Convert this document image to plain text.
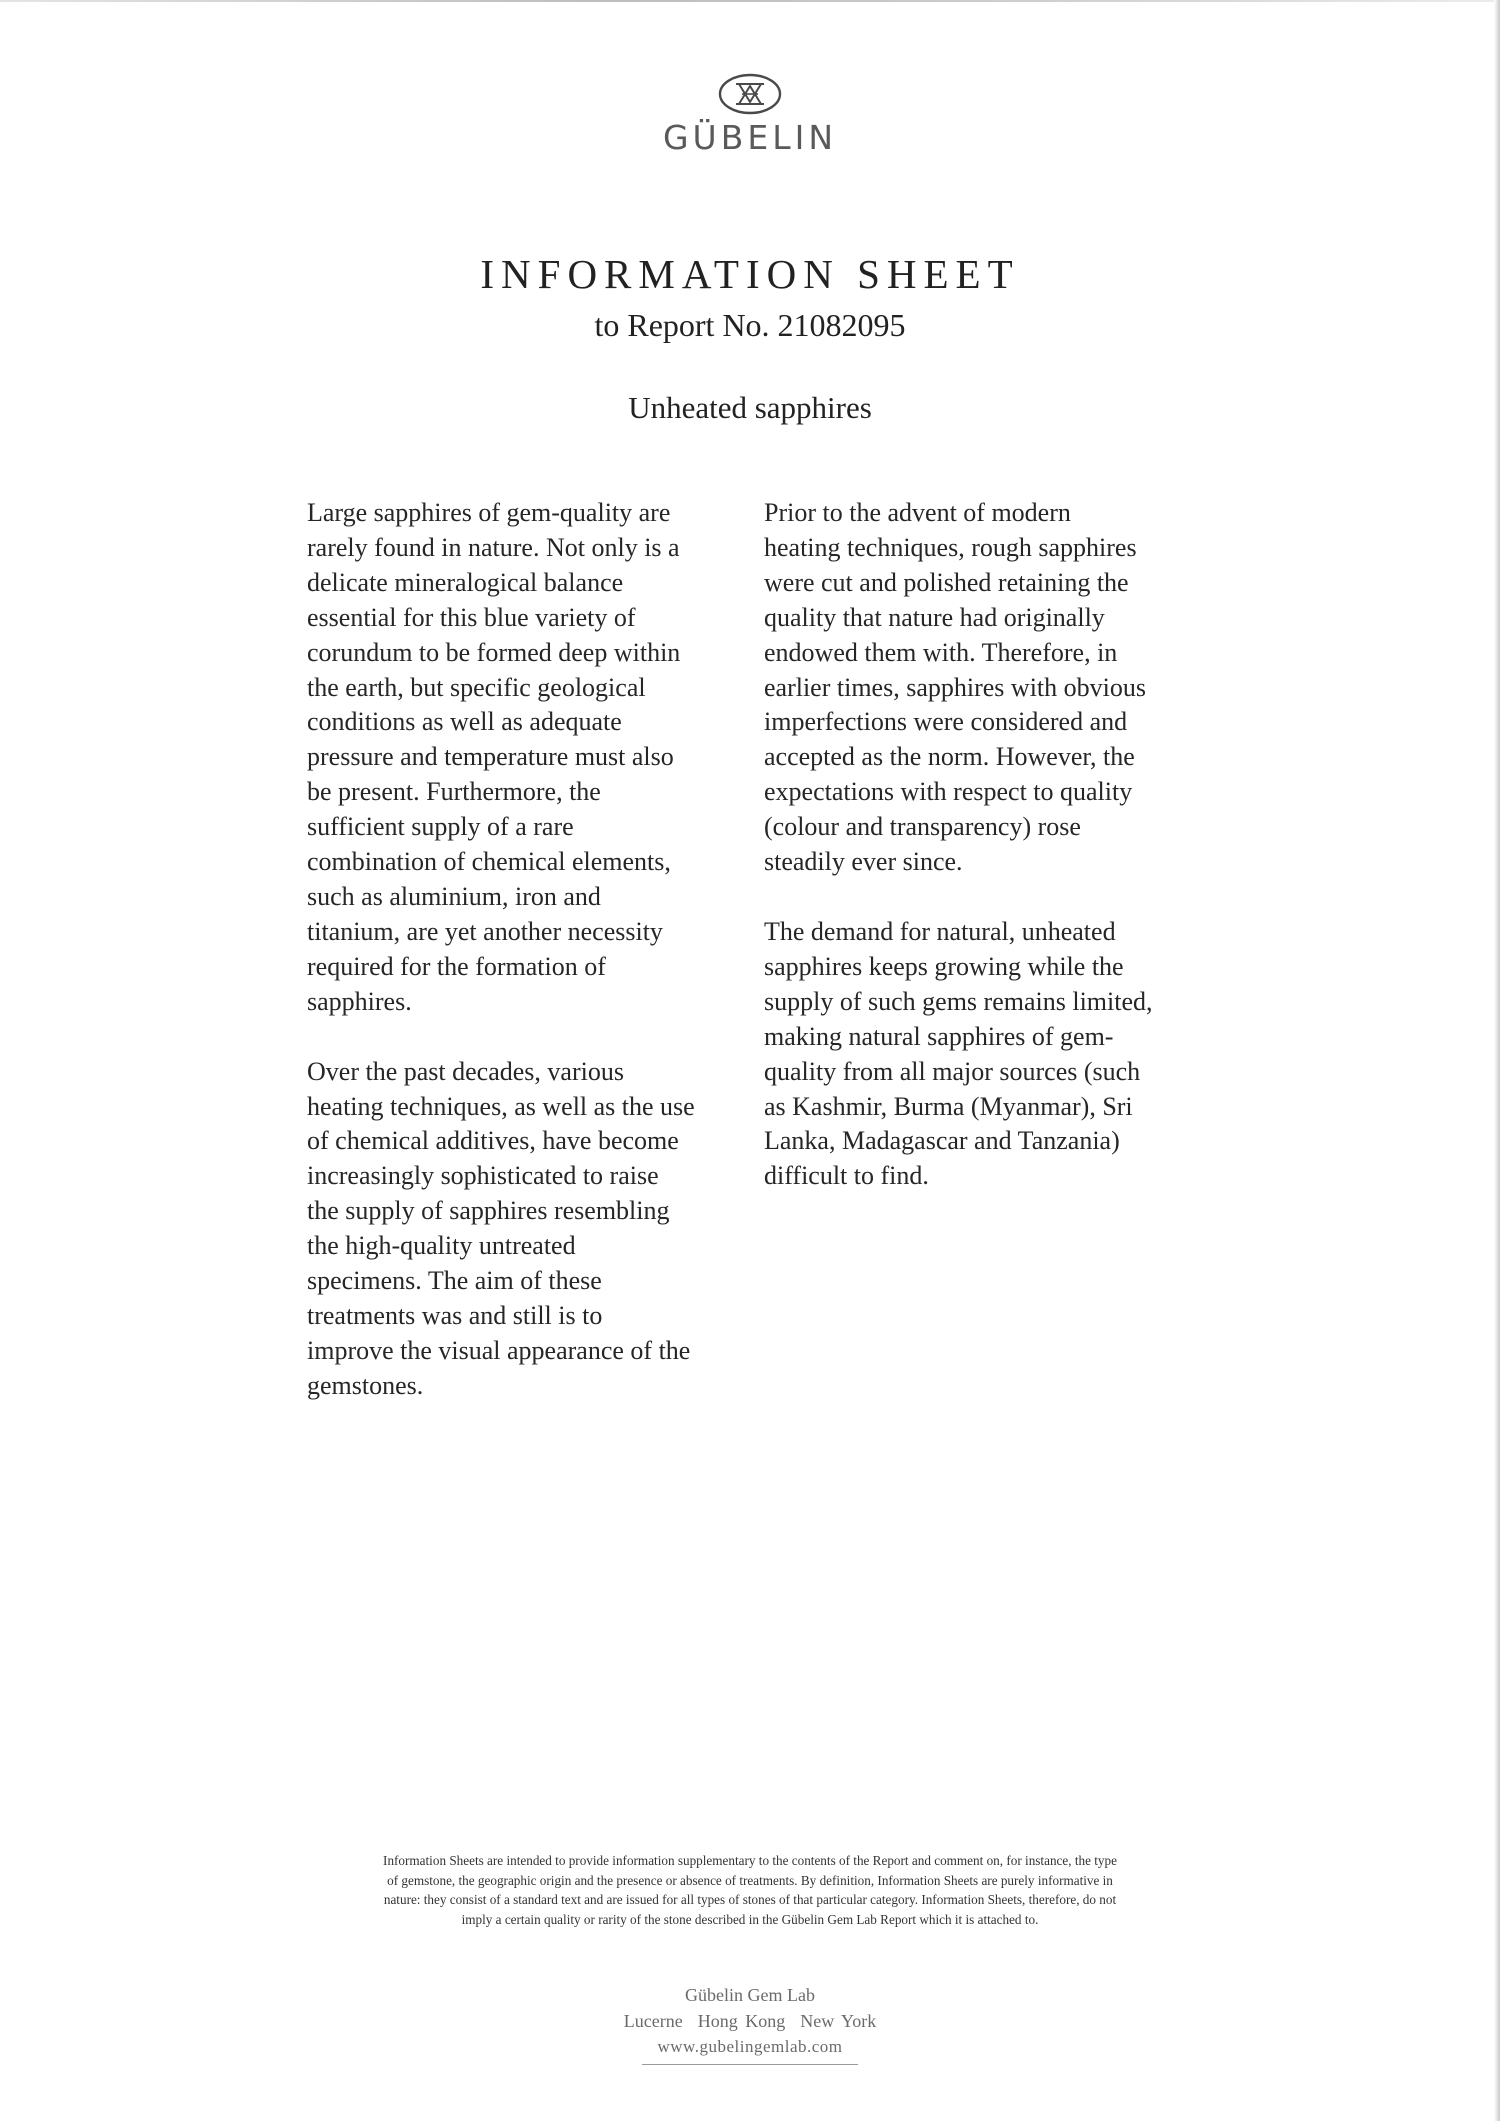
GÜBELIN
INFORMATION SHEET
to Report No. 21082095
Unheated sapphires

Large sapphires of gem-quality are
rarely found in nature. Not only is a
delicate mineralogical balance
essential for this blue variety of
corundum to be formed deep within
the earth, but specific geological
conditions as well as adequate
pressure and temperature must also
be present. Furthermore, the
sufficient supply of a rare
combination of chemical elements,
such as aluminium, iron and
titanium, are yet another necessity
required for the formation of
sapphires.

Over the past decades, various
heating techniques, as well as the use
of chemical additives, have become
increasingly sophisticated to raise
the supply of sapphires resembling
the high-quality untreated
specimens. The aim of these
treatments was and still is to
improve the visual appearance of the
gemstones.

Prior to the advent of modern
heating techniques, rough sapphires
were cut and polished retaining the
quality that nature had originally
endowed them with. Therefore, in
earlier times, sapphires with obvious
imperfections were considered and
accepted as the norm. However, the
expectations with respect to quality
(colour and transparency) rose
steadily ever since.

The demand for natural, unheated
sapphires keeps growing while the
supply of such gems remains limited,
making natural sapphires of gem-
quality from all major sources (such
as Kashmir, Burma (Myanmar), Sri
Lanka, Madagascar and Tanzania)
difficult to find.

Information Sheets are intended to provide information supplementary to the contents of the Report and comment on, for instance, the type
of gemstone, the geographic origin and the presence or absence of treatments. By definition, Information Sheets are purely informative in
nature: they consist of a standard text and are issued for all types of stones of that particular category. Information Sheets, therefore, do not
imply a certain quality or rarity of the stone described in the Gübelin Gem Lab Report which it is attached to.
Gübelin Gem Lab
Lucerne  Hong Kong  New York
www.gubelingemlab.com
